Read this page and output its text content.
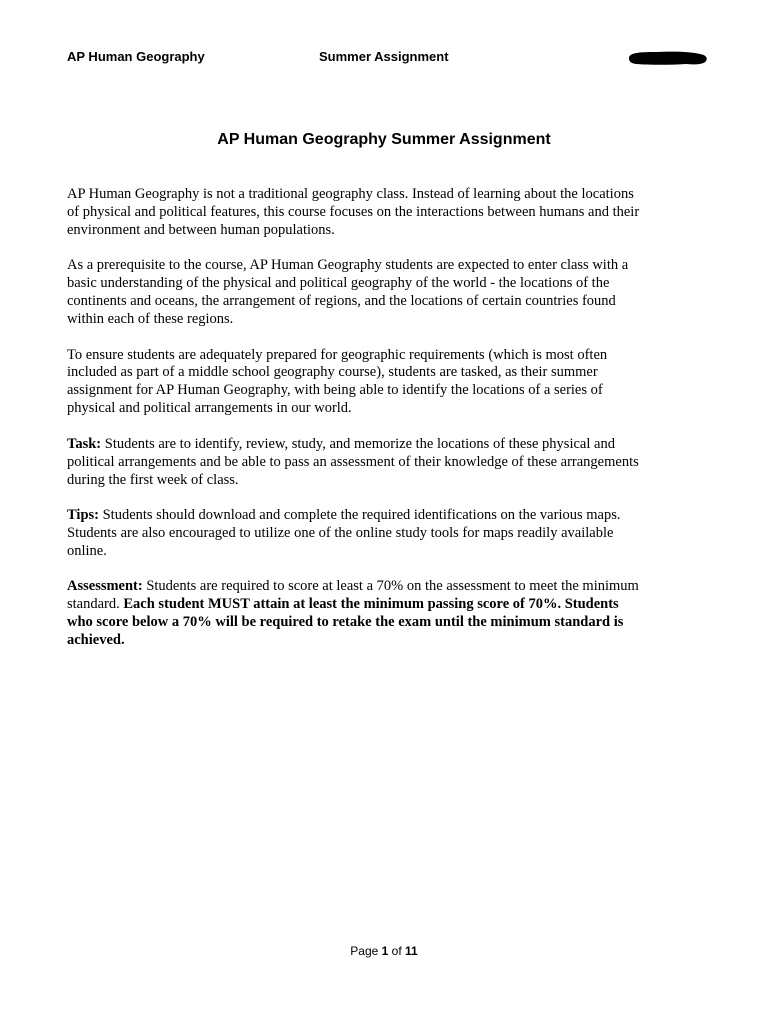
AP Human Geography	Summer Assignment
AP Human Geography Summer Assignment

AP Human Geography is not a traditional geography class. Instead of learning about the locations of physical and political features, this course focuses on the interactions between humans and their environment and between human populations.

As a prerequisite to the course, AP Human Geography students are expected to enter class with a basic understanding of the physical and political geography of the world - the locations of the continents and oceans, the arrangement of regions, and the locations of certain countries found within each of these regions.

To ensure students are adequately prepared for geographic requirements (which is most often included as part of a middle school geography course), students are tasked, as their summer assignment for AP Human Geography, with being able to identify the locations of a series of physical and political arrangements in our world.

Task: Students are to identify, review, study, and memorize the locations of these physical and political arrangements and be able to pass an assessment of their knowledge of these arrangements during the first week of class.

Tips: Students should download and complete the required identifications on the various maps. Students are also encouraged to utilize one of the online study tools for maps readily available online.

Assessment: Students are required to score at least a 70% on the assessment to meet the minimum standard. Each student MUST attain at least the minimum passing score of 70%. Students who score below a 70% will be required to retake the exam until the minimum standard is achieved.

Page 1 of 11
